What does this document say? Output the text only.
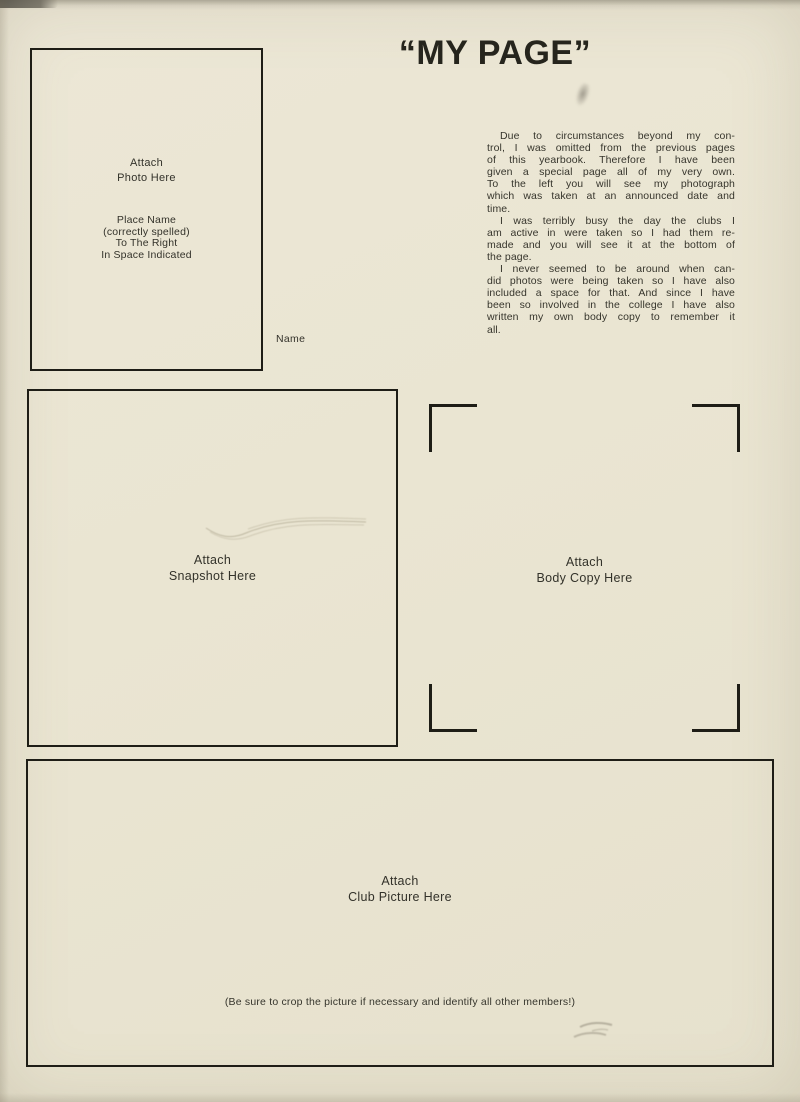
“MY PAGE”
Attach
Photo Here
Place Name
(correctly spelled)
To The Right
In Space Indicated
Name
Due to circumstances beyond my con-
trol, I was omitted from the previous pages
of this yearbook. Therefore I have been
given a special page all of my very own.
To the left you will see my photograph
which was taken at an announced date and
time.
I was terribly busy the day the clubs I
am active in were taken so I had them re-
made and you will see it at the bottom of
the page.
I never seemed to be around when can-
did photos were being taken so I have also
included a space for that. And since I have
been so involved in the college I have also
written my own body copy to remember it
all.
Attach
Snapshot Here
Attach
Body Copy Here
Attach
Club Picture Here
(Be sure to crop the picture if necessary and identify all other members!)
